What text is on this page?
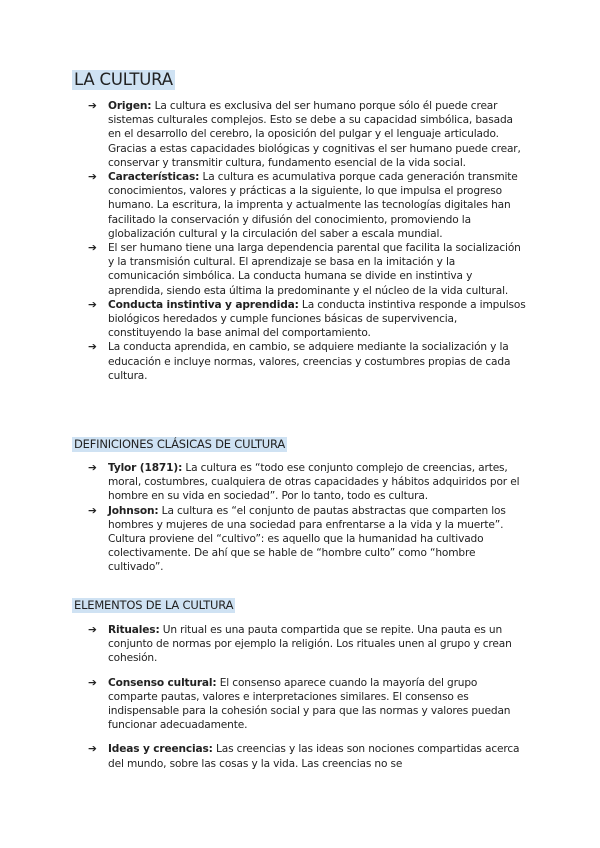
LA CULTURA
➔ Origen: La cultura es exclusiva del ser humano porque sólo él puede crear sistemas culturales complejos. Esto se debe a su capacidad simbólica, basada en el desarrollo del cerebro, la oposición del pulgar y el lenguaje articulado. Gracias a estas capacidades biológicas y cognitivas el ser humano puede crear, conservar y transmitir cultura, fundamento esencial de la vida social.
➔ Características: La cultura es acumulativa porque cada generación transmite conocimientos, valores y prácticas a la siguiente, lo que impulsa el progreso humano. La escritura, la imprenta y actualmente las tecnologías digitales han facilitado la conservación y difusión del conocimiento, promoviendo la globalización cultural y la circulación del saber a escala mundial.
➔ El ser humano tiene una larga dependencia parental que facilita la socialización y la transmisión cultural. El aprendizaje se basa en la imitación y la comunicación simbólica. La conducta humana se divide en instintiva y aprendida, siendo esta última la predominante y el núcleo de la vida cultural.
➔ Conducta instintiva y aprendida: La conducta instintiva responde a impulsos biológicos heredados y cumple funciones básicas de supervivencia, constituyendo la base animal del comportamiento.
➔ La conducta aprendida, en cambio, se adquiere mediante la socialización y la educación e incluye normas, valores, creencias y costumbres propias de cada cultura.
DEFINICIONES CLÁSICAS DE CULTURA
➔ Tylor (1871): La cultura es “todo ese conjunto complejo de creencias, artes, moral, costumbres, cualquiera de otras capacidades y hábitos adquiridos por el hombre en su vida en sociedad”. Por lo tanto, todo es cultura.
➔ Johnson: La cultura es “el conjunto de pautas abstractas que comparten los hombres y mujeres de una sociedad para enfrentarse a la vida y la muerte”. Cultura proviene del “cultivo”: es aquello que la humanidad ha cultivado colectivamente. De ahí que se hable de “hombre culto” como “hombre cultivado”.
ELEMENTOS DE LA CULTURA
➔ Rituales: Un ritual es una pauta compartida que se repite. Una pauta es un conjunto de normas por ejemplo la religión. Los rituales unen al grupo y crean cohesión.
➔ Consenso cultural: El consenso aparece cuando la mayoría del grupo comparte pautas, valores e interpretaciones similares. El consenso es indispensable para la cohesión social y para que las normas y valores puedan funcionar adecuadamente.
➔ Ideas y creencias: Las creencias y las ideas son nociones compartidas acerca del mundo, sobre las cosas y la vida. Las creencias no se
